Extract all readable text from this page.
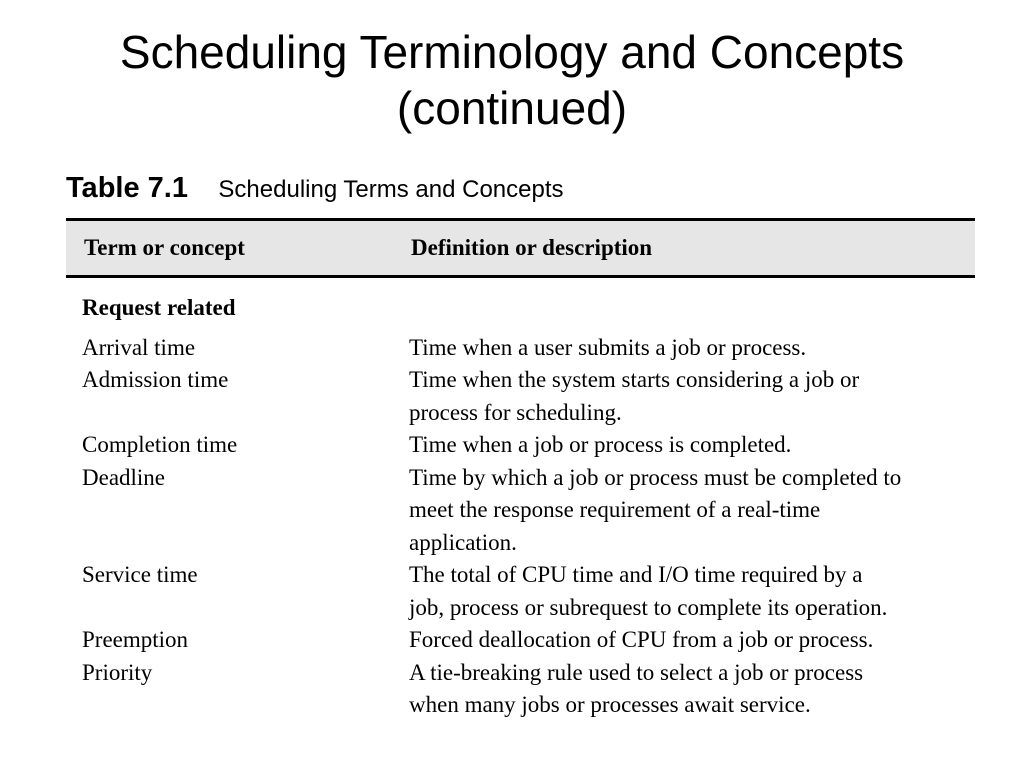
Scheduling Terminology and Concepts
(continued)
Table 7.1 Scheduling Terms and Concepts
Term or concept	Definition or description
Request related
Arrival time	Time when a user submits a job or process.
Admission time	Time when the system starts considering a job or
process for scheduling.
Completion time	Time when a job or process is completed.
Deadline	Time by which a job or process must be completed to
meet the response requirement of a real-time
application.
Service time	The total of CPU time and I/O time required by a
job, process or subrequest to complete its operation.
Preemption	Forced deallocation of CPU from a job or process.
Priority	A tie-breaking rule used to select a job or process
when many jobs or processes await service.
